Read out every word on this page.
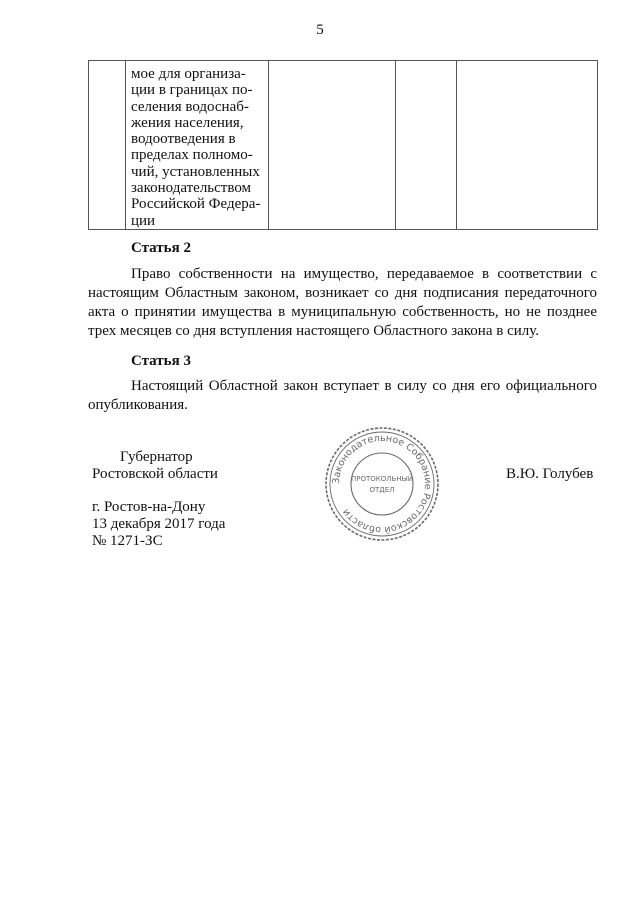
5

мое для организа-
ции в границах по-
селения водоснаб-
жения населения,
водоотведения в
пределах полномо-
чий, установленных
законодательством
Российской Федера-
ции

Статья 2
Право собственности на имущество, передаваемое в соответствии с
настоящим Областным законом, возникает со дня подписания передаточного
акта о принятии имущества в муниципальную собственность, но не позднее
трех месяцев со дня вступления настоящего Областного закона в силу.
Статья 3
Настоящий Областной закон вступает в силу со дня его официального
опубликования.
Губернатор
Ростовской области	В.Ю. Голубев
г. Ростов-на-Дону
13 декабря 2017 года
№ 1271-ЗС
Законодательное Собрание Ростовской области
ПРОТОКОЛЬНЫЙ
ОТДЕЛ
